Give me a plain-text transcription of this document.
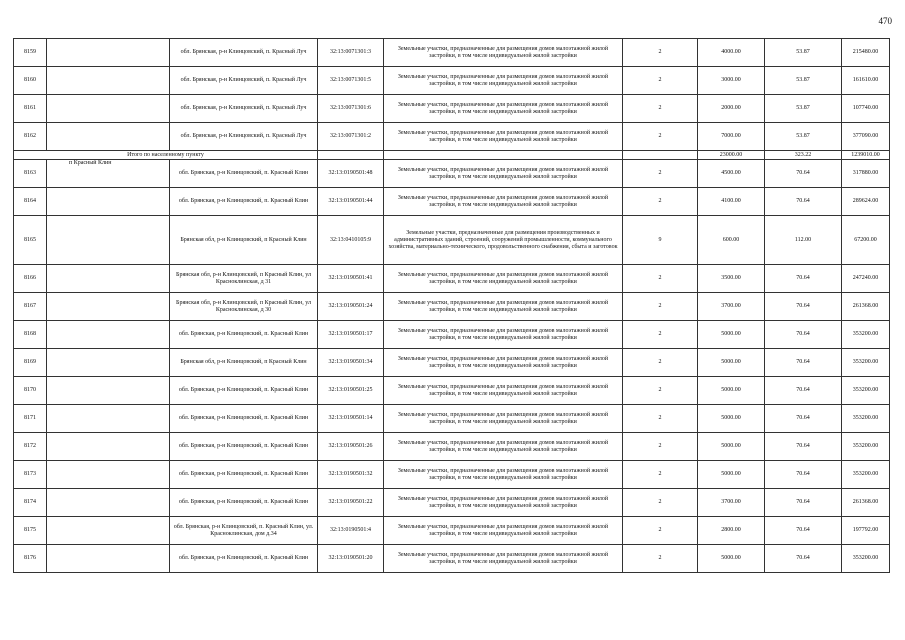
470
8159		обл. Брянская, р-н Клинцовский, п. Красный Луч	32:13:0071301:3	Земельные участки, предназначенные для размещения домов малоэтажной жилой застройки, в том числе индивидуальной жилой застройки	2	4000.00	53.87	215480.00
8160		обл. Брянская, р-н Клинцовский, п. Красный Луч	32:13:0071301:5	Земельные участки, предназначенные для размещения домов малоэтажной жилой застройки, в том числе индивидуальной жилой застройки	2	3000.00	53.87	161610.00
8161		обл. Брянская, р-н Клинцовский, п. Красный Луч	32:13:0071301:6	Земельные участки, предназначенные для размещения домов малоэтажной жилой застройки, в том числе индивидуальной жилой застройки	2	2000.00	53.87	107740.00
8162		обл. Брянская, р-н Клинцовский, п. Красный Луч	32:13:0071301:2	Земельные участки, предназначенные для размещения домов малоэтажной жилой застройки, в том числе индивидуальной жилой застройки	2	7000.00	53.87	377090.00
Итого по населенному пункту						23000.00	323.22	1239010.00
8163	п Красный Клин	обл. Брянская, р-н Клинцовский, п. Красный Клин	32:13:0190501:48	Земельные участки, предназначенные для размещения домов малоэтажной жилой застройки, в том числе индивидуальной жилой застройки	2	4500.00	70.64	317880.00
8164		обл. Брянская, р-н Клинцовский, п. Красный Клин	32:13:0190501:44	Земельные участки, предназначенные для размещения домов малоэтажной жилой застройки, в том числе индивидуальной жилой застройки	2	4100.00	70.64	289624.00
8165		Брянская обл, р-н Клинцовский, п Красный Клин	32:13:0410105:9	Земельные участки, предназначенные для размещения производственных и административных зданий, строений, сооружений промышленности, коммунального хозяйства, материально-технического, продовольственного снабжения, сбыта и заготовок	9	600.00	112.00	67200.00
8166		Брянская обл, р-н Клинцовский, п Красный Клин, ул Красноклинская, д 31	32:13:0190501:41	Земельные участки, предназначенные для размещения домов малоэтажной жилой застройки, в том числе индивидуальной жилой застройки	2	3500.00	70.64	247240.00
8167		Брянская обл, р-н Клинцовский, п Красный Клин, ул Красноклинская, д 30	32:13:0190501:24	Земельные участки, предназначенные для размещения домов малоэтажной жилой застройки, в том числе индивидуальной жилой застройки	2	3700.00	70.64	261368.00
8168		обл. Брянская, р-н Клинцовский, п. Красный Клин	32:13:0190501:17	Земельные участки, предназначенные для размещения домов малоэтажной жилой застройки, в том числе индивидуальной жилой застройки	2	5000.00	70.64	353200.00
8169		Брянская обл, р-н Клинцовский, п Красный Клин	32:13:0190501:34	Земельные участки, предназначенные для размещения домов малоэтажной жилой застройки, в том числе индивидуальной жилой застройки	2	5000.00	70.64	353200.00
8170		обл. Брянская, р-н Клинцовский, п. Красный Клин	32:13:0190501:25	Земельные участки, предназначенные для размещения домов малоэтажной жилой застройки, в том числе индивидуальной жилой застройки	2	5000.00	70.64	353200.00
8171		обл. Брянская, р-н Клинцовский, п. Красный Клин	32:13:0190501:14	Земельные участки, предназначенные для размещения домов малоэтажной жилой застройки, в том числе индивидуальной жилой застройки	2	5000.00	70.64	353200.00
8172		обл. Брянская, р-н Клинцовский, п. Красный Клин	32:13:0190501:26	Земельные участки, предназначенные для размещения домов малоэтажной жилой застройки, в том числе индивидуальной жилой застройки	2	5000.00	70.64	353200.00
8173		обл. Брянская, р-н Клинцовский, п. Красный Клин	32:13:0190501:32	Земельные участки, предназначенные для размещения домов малоэтажной жилой застройки, в том числе индивидуальной жилой застройки	2	5000.00	70.64	353200.00
8174		обл. Брянская, р-н Клинцовский, п. Красный Клин	32:13:0190501:22	Земельные участки, предназначенные для размещения домов малоэтажной жилой застройки, в том числе индивидуальной жилой застройки	2	3700.00	70.64	261368.00
8175		обл. Брянская, р-н Клинцовский, п. Красный Клин, ул. Красноклинская, дом д.34	32:13:0190501:4	Земельные участки, предназначенные для размещения домов малоэтажной жилой застройки, в том числе индивидуальной жилой застройки	2	2800.00	70.64	197792.00
8176		обл. Брянская, р-н Клинцовский, п. Красный Клин	32:13:0190501:20	Земельные участки, предназначенные для размещения домов малоэтажной жилой застройки, в том числе индивидуальной жилой застройки	2	5000.00	70.64	353200.00
